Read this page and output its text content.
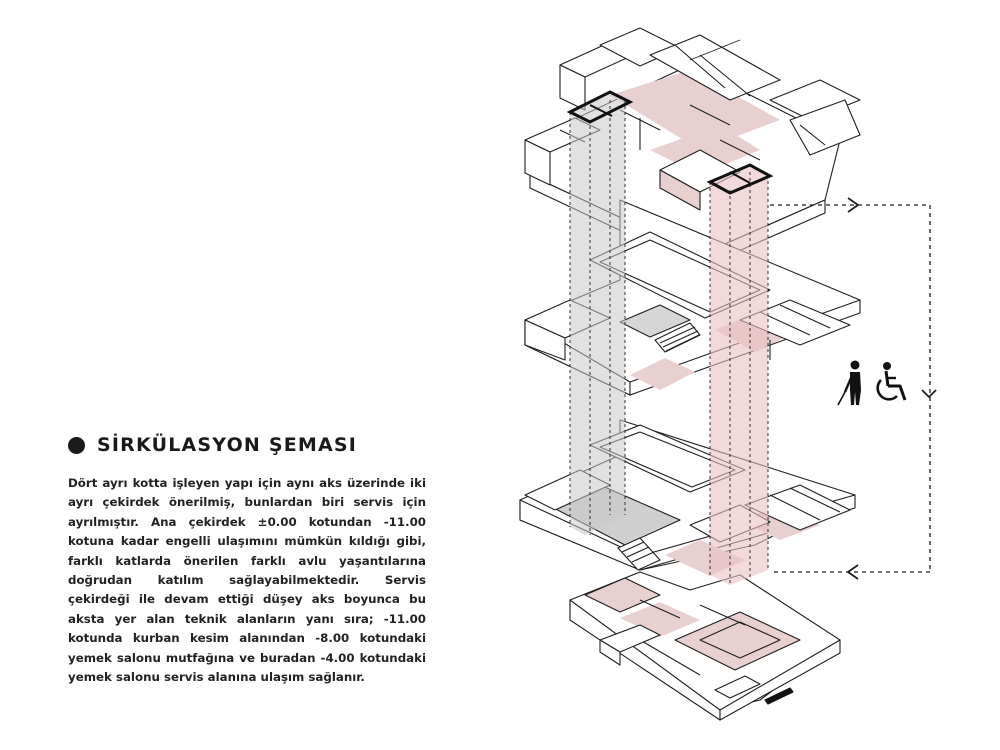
SİRKÜLASYON ŞEMASI

Dört ayrı kotta işleyen yapı için aynı aks üzerinde iki ayrı çekirdek önerilmiş, bunlardan biri servis için ayrılmıştır. Ana çekirdek ±0.00 kotundan -11.00 kotuna kadar engelli ulaşımını mümkün kıldığı gibi, farklı katlarda önerilen farklı avlu yaşantılarına doğrudan katılım sağlayabilmektedir. Servis çekirdeği ile devam ettiği düşey aks boyunca bu aksta yer alan teknik alanların yanı sıra; -11.00 kotunda kurban kesim alanından -8.00 kotundaki yemek salonu mutfağına ve buradan -4.00 kotundaki yemek salonu servis alanına ulaşım sağlanır.
